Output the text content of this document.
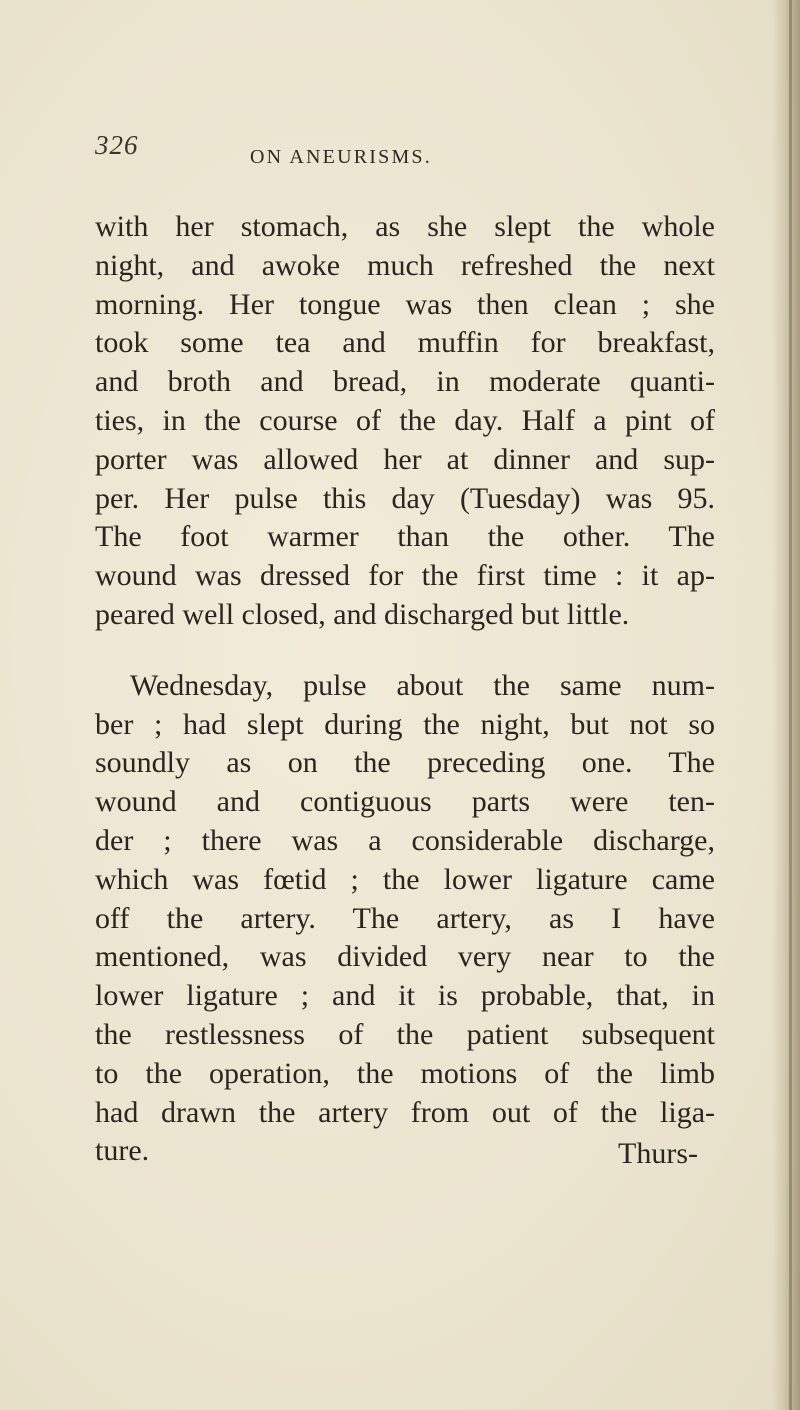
326	ON ANEURISMS.
with her stomach, as she slept the whole
night, and awoke much refreshed the next
morning. Her tongue was then clean ; she
took some tea and muffin for breakfast,
and broth and bread, in moderate quanti-
ties, in the course of the day. Half a pint of
porter was allowed her at dinner and sup-
per. Her pulse this day (Tuesday) was 95.
The foot warmer than the other. The
wound was dressed for the first time : it ap-
peared well closed, and discharged but little.
Wednesday, pulse about the same num-
ber ; had slept during the night, but not so
soundly as on the preceding one. The
wound and contiguous parts were ten-
der ; there was a considerable discharge,
which was fœtid ; the lower ligature came
off the artery. The artery, as I have
mentioned, was divided very near to the
lower ligature ; and it is probable, that, in
the restlessness of the patient subsequent
to the operation, the motions of the limb
had drawn the artery from out of the liga-
ture.	Thurs-
